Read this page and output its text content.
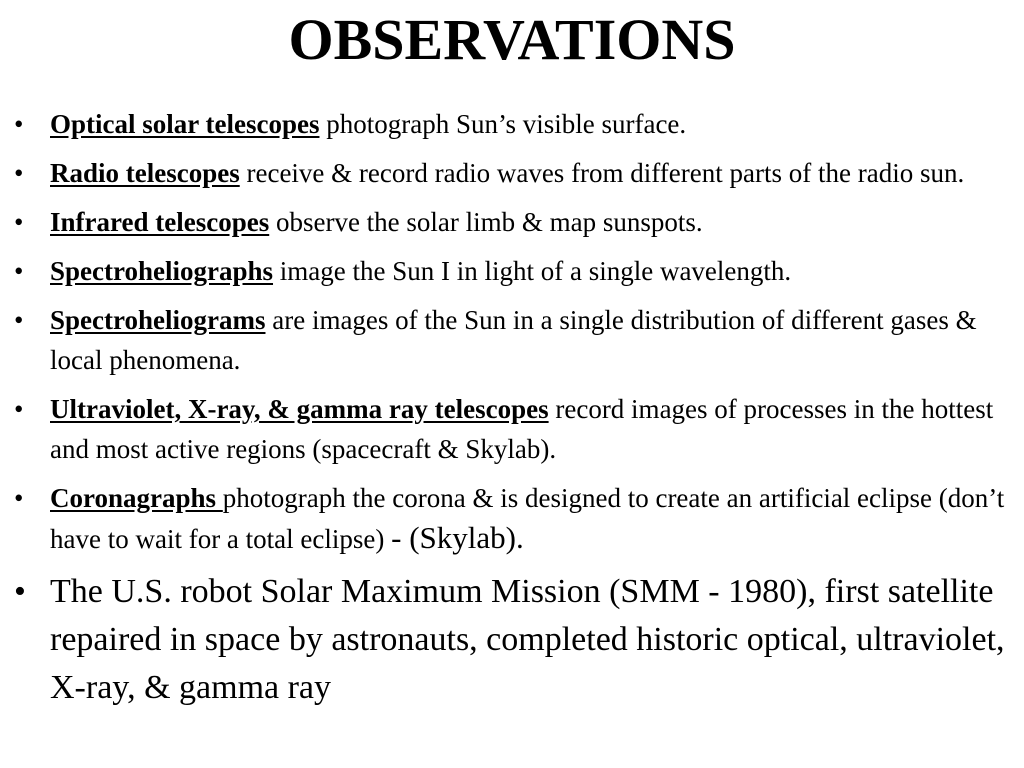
OBSERVATIONS
• Optical solar telescopes photograph Sun’s visible surface.
• Radio telescopes receive & record radio waves from different parts of the radio sun.
• Infrared telescopes observe the solar limb & map sunspots.
• Spectroheliographs image the Sun I in light of a single wavelength.
• Spectroheliograms are images of the Sun in a single distribution of different gases & local phenomena.
• Ultraviolet, X-ray, & gamma ray telescopes record images of processes in the hottest and most active regions (spacecraft & Skylab).
• Coronagraphs photograph the corona & is designed to create an artificial eclipse (don’t have to wait for a total eclipse) - (Skylab).
• The U.S. robot Solar Maximum Mission (SMM - 1980), first satellite repaired in space by astronauts, completed historic optical, ultraviolet, X-ray, & gamma ray
